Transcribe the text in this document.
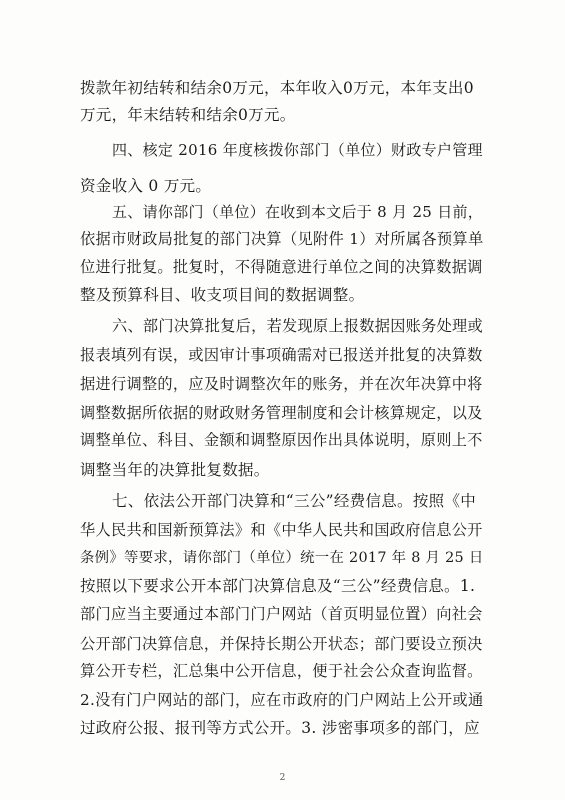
拨款年初结转和结余0万元，本年收入0万元，本年支出0
万元，年末结转和结余0万元。
四、核定 2016 年度核拨你部门（单位）财政专户管理
资金收入 0 万元。
五、请你部门（单位）在收到本文后于 8 月 25 日前，
依据市财政局批复的部门决算（见附件 1）对所属各预算单
位进行批复。批复时，不得随意进行单位之间的决算数据调
整及预算科目、收支项目间的数据调整。
六、部门决算批复后，若发现原上报数据因账务处理或
报表填列有误，或因审计事项确需对已报送并批复的决算数
据进行调整的，应及时调整次年的账务，并在次年决算中将
调整数据所依据的财政财务管理制度和会计核算规定，以及
调整单位、科目、金额和调整原因作出具体说明，原则上不
调整当年的决算批复数据。
七、依法公开部门决算和“三公”经费信息。按照《中
华人民共和国新预算法》和《中华人民共和国政府信息公开
条例》等要求，请你部门（单位）统一在 2017 年 8 月 25 日
按照以下要求公开本部门决算信息及“三公”经费信息。1.
部门应当主要通过本部门门户网站（首页明显位置）向社会
公开部门决算信息，并保持长期公开状态；部门要设立预决
算公开专栏，汇总集中公开信息，便于社会公众查询监督。
2.没有门户网站的部门，应在市政府的门户网站上公开或通
过政府公报、报刊等方式公开。3. 涉密事项多的部门，应
2
